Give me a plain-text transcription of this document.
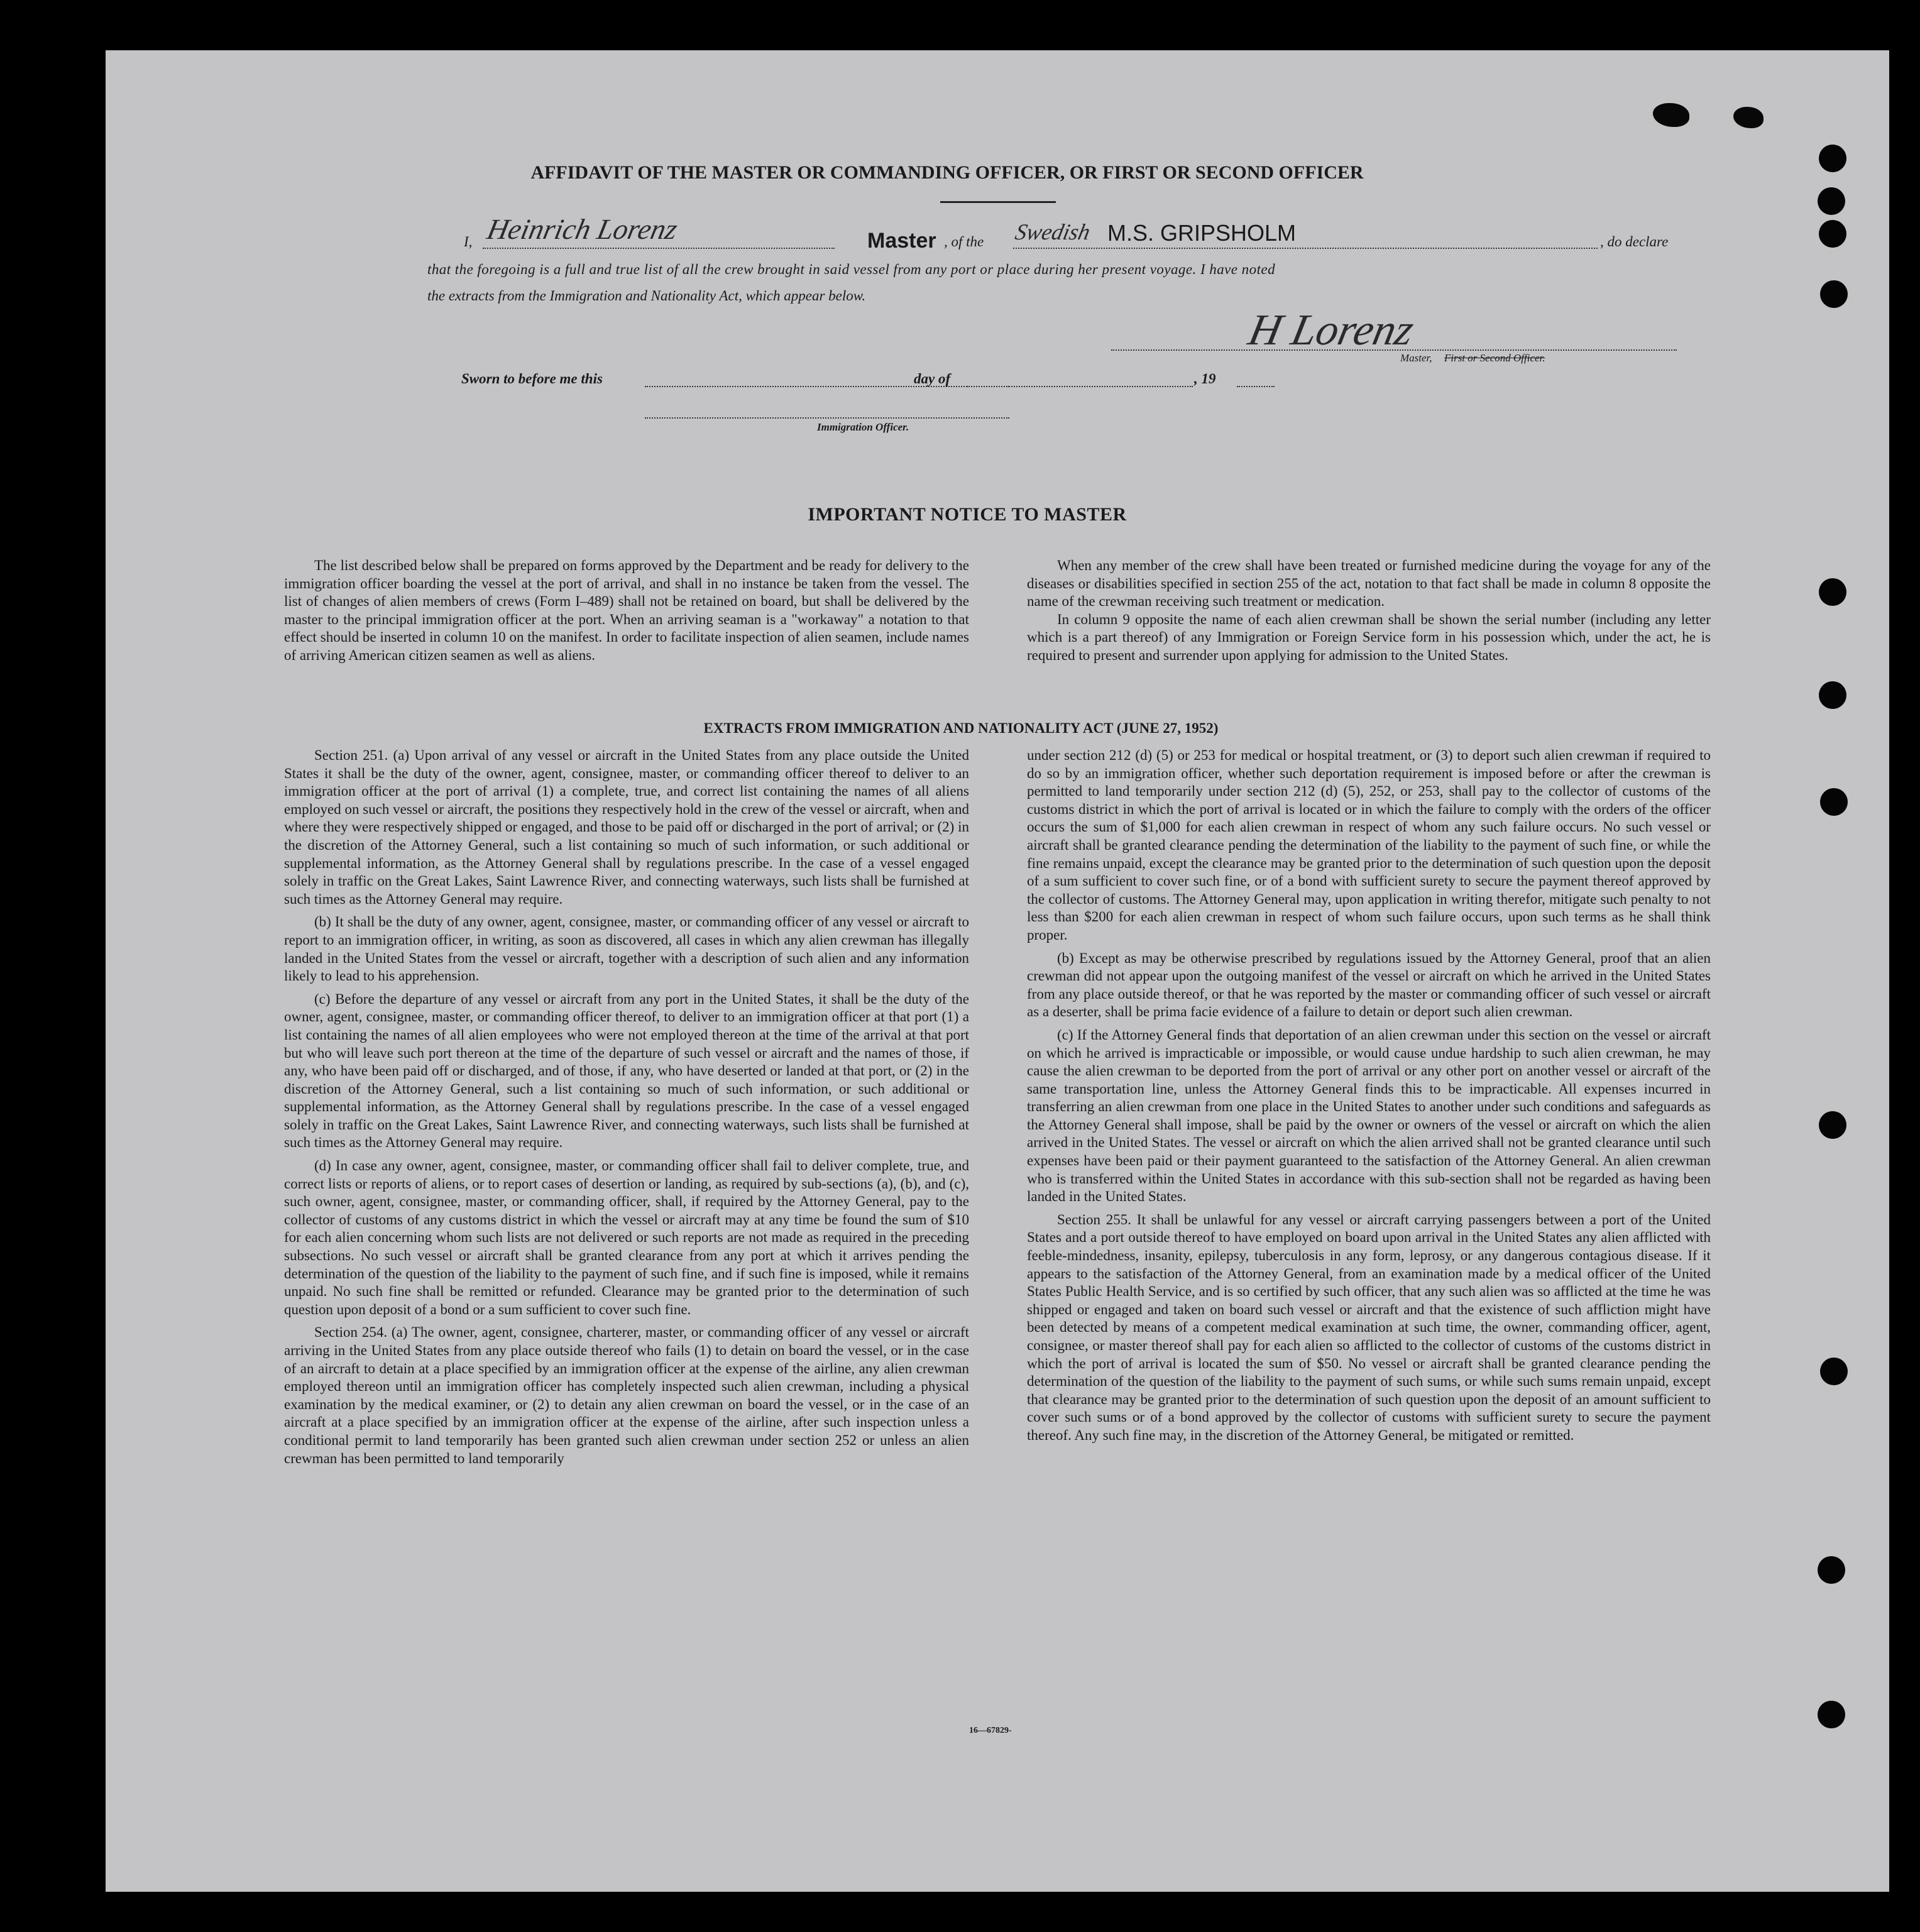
AFFIDAVIT OF THE MASTER OR COMMANDING OFFICER, OR FIRST OR SECOND OFFICER
I, Heinrich Lorenz	Master , of the Swedish M.S. GRIPSHOLM	, do declare
that the foregoing is a full and true list of all the crew brought in said vessel from any port or place during her present voyage. I have noted
the extracts from the Immigration and Nationality Act, which appear below.
H Lorenz
Master, First or Second Officer.
Sworn to before me this	day of	, 19
Immigration Officer.
IMPORTANT NOTICE TO MASTER

The list described below shall be prepared on forms approved by the Department and be ready for delivery to the immigration officer boarding the vessel at the port of arrival, and shall in no instance be taken from the vessel. The list of changes of alien members of crews (Form I–489) shall not be retained on board, but shall be delivered by the master to the principal immigration officer at the port. When an arriving seaman is a "workaway" a notation to that effect should be inserted in column 10 on the manifest. In order to facilitate inspection of alien seamen, include names of arriving American citizen seamen as well as aliens.

When any member of the crew shall have been treated or furnished medicine during the voyage for any of the diseases or disabilities specified in section 255 of the act, notation to that fact shall be made in column 8 opposite the name of the crewman receiving such treatment or medication.

In column 9 opposite the name of each alien crewman shall be shown the serial number (including any letter which is a part thereof) of any Immigration or Foreign Service form in his possession which, under the act, he is required to present and surrender upon applying for admission to the United States.

EXTRACTS FROM IMMIGRATION AND NATIONALITY ACT (JUNE 27, 1952)

Section 251. (a) Upon arrival of any vessel or aircraft in the United States from any place outside the United States it shall be the duty of the owner, agent, consignee, master, or commanding officer thereof to deliver to an immigration officer at the port of arrival (1) a complete, true, and correct list containing the names of all aliens employed on such vessel or aircraft, the positions they respectively hold in the crew of the vessel or aircraft, when and where they were respectively shipped or engaged, and those to be paid off or discharged in the port of arrival; or (2) in the discretion of the Attorney General, such a list containing so much of such information, or such additional or supplemental information, as the Attorney General shall by regulations prescribe. In the case of a vessel engaged solely in traffic on the Great Lakes, Saint Lawrence River, and connecting waterways, such lists shall be furnished at such times as the Attorney General may require.

(b) It shall be the duty of any owner, agent, consignee, master, or commanding officer of any vessel or aircraft to report to an immigration officer, in writing, as soon as discovered, all cases in which any alien crewman has illegally landed in the United States from the vessel or aircraft, together with a description of such alien and any information likely to lead to his apprehension.

(c) Before the departure of any vessel or aircraft from any port in the United States, it shall be the duty of the owner, agent, consignee, master, or commanding officer thereof, to deliver to an immigration officer at that port (1) a list containing the names of all alien employees who were not employed thereon at the time of the arrival at that port but who will leave such port thereon at the time of the departure of such vessel or aircraft and the names of those, if any, who have been paid off or discharged, and of those, if any, who have deserted or landed at that port, or (2) in the discretion of the Attorney General, such a list containing so much of such information, or such additional or supplemental information, as the Attorney General shall by regulations prescribe. In the case of a vessel engaged solely in traffic on the Great Lakes, Saint Lawrence River, and connecting waterways, such lists shall be furnished at such times as the Attorney General may require.

(d) In case any owner, agent, consignee, master, or commanding officer shall fail to deliver complete, true, and correct lists or reports of aliens, or to report cases of desertion or landing, as required by sub-sections (a), (b), and (c), such owner, agent, consignee, master, or commanding officer, shall, if required by the Attorney General, pay to the collector of customs of any customs district in which the vessel or aircraft may at any time be found the sum of $10 for each alien concerning whom such lists are not delivered or such reports are not made as required in the preceding subsections. No such vessel or aircraft shall be granted clearance from any port at which it arrives pending the determination of the question of the liability to the payment of such fine, and if such fine is imposed, while it remains unpaid. No such fine shall be remitted or refunded. Clearance may be granted prior to the determination of such question upon deposit of a bond or a sum sufficient to cover such fine.

Section 254. (a) The owner, agent, consignee, charterer, master, or commanding officer of any vessel or aircraft arriving in the United States from any place outside thereof who fails (1) to detain on board the vessel, or in the case of an aircraft to detain at a place specified by an immigration officer at the expense of the airline, any alien crewman employed thereon until an immigration officer has completely inspected such alien crewman, including a physical examination by the medical examiner, or (2) to detain any alien crewman on board the vessel, or in the case of an aircraft at a place specified by an immigration officer at the expense of the airline, after such inspection unless a conditional permit to land temporarily has been granted such alien crewman under section 252 or unless an alien crewman has been permitted to land temporarily

under section 212 (d) (5) or 253 for medical or hospital treatment, or (3) to deport such alien crewman if required to do so by an immigration officer, whether such deportation requirement is imposed before or after the crewman is permitted to land temporarily under section 212 (d) (5), 252, or 253, shall pay to the collector of customs of the customs district in which the port of arrival is located or in which the failure to comply with the orders of the officer occurs the sum of $1,000 for each alien crewman in respect of whom any such failure occurs. No such vessel or aircraft shall be granted clearance pending the determination of the liability to the payment of such fine, or while the fine remains unpaid, except the clearance may be granted prior to the determination of such question upon the deposit of a sum sufficient to cover such fine, or of a bond with sufficient surety to secure the payment thereof approved by the collector of customs. The Attorney General may, upon application in writing therefor, mitigate such penalty to not less than $200 for each alien crewman in respect of whom such failure occurs, upon such terms as he shall think proper.

(b) Except as may be otherwise prescribed by regulations issued by the Attorney General, proof that an alien crewman did not appear upon the outgoing manifest of the vessel or aircraft on which he arrived in the United States from any place outside thereof, or that he was reported by the master or commanding officer of such vessel or aircraft as a deserter, shall be prima facie evidence of a failure to detain or deport such alien crewman.

(c) If the Attorney General finds that deportation of an alien crewman under this section on the vessel or aircraft on which he arrived is impracticable or impossible, or would cause undue hardship to such alien crewman, he may cause the alien crewman to be deported from the port of arrival or any other port on another vessel or aircraft of the same transportation line, unless the Attorney General finds this to be impracticable. All expenses incurred in transferring an alien crewman from one place in the United States to another under such conditions and safeguards as the Attorney General shall impose, shall be paid by the owner or owners of the vessel or aircraft on which the alien arrived in the United States. The vessel or aircraft on which the alien arrived shall not be granted clearance until such expenses have been paid or their payment guaranteed to the satisfaction of the Attorney General. An alien crewman who is transferred within the United States in accordance with this sub-section shall not be regarded as having been landed in the United States.

Section 255. It shall be unlawful for any vessel or aircraft carrying passengers between a port of the United States and a port outside thereof to have employed on board upon arrival in the United States any alien afflicted with feeble-mindedness, insanity, epilepsy, tuberculosis in any form, leprosy, or any dangerous contagious disease. If it appears to the satisfaction of the Attorney General, from an examination made by a medical officer of the United States Public Health Service, and is so certified by such officer, that any such alien was so afflicted at the time he was shipped or engaged and taken on board such vessel or aircraft and that the existence of such affliction might have been detected by means of a competent medical examination at such time, the owner, commanding officer, agent, consignee, or master thereof shall pay for each alien so afflicted to the collector of customs of the customs district in which the port of arrival is located the sum of $50. No vessel or aircraft shall be granted clearance pending the determination of the question of the liability to the payment of such sums, or while such sums remain unpaid, except that clearance may be granted prior to the determination of such question upon the deposit of an amount sufficient to cover such sums or of a bond approved by the collector of customs with sufficient surety to secure the payment thereof. Any such fine may, in the discretion of the Attorney General, be mitigated or remitted.

16—67829-
